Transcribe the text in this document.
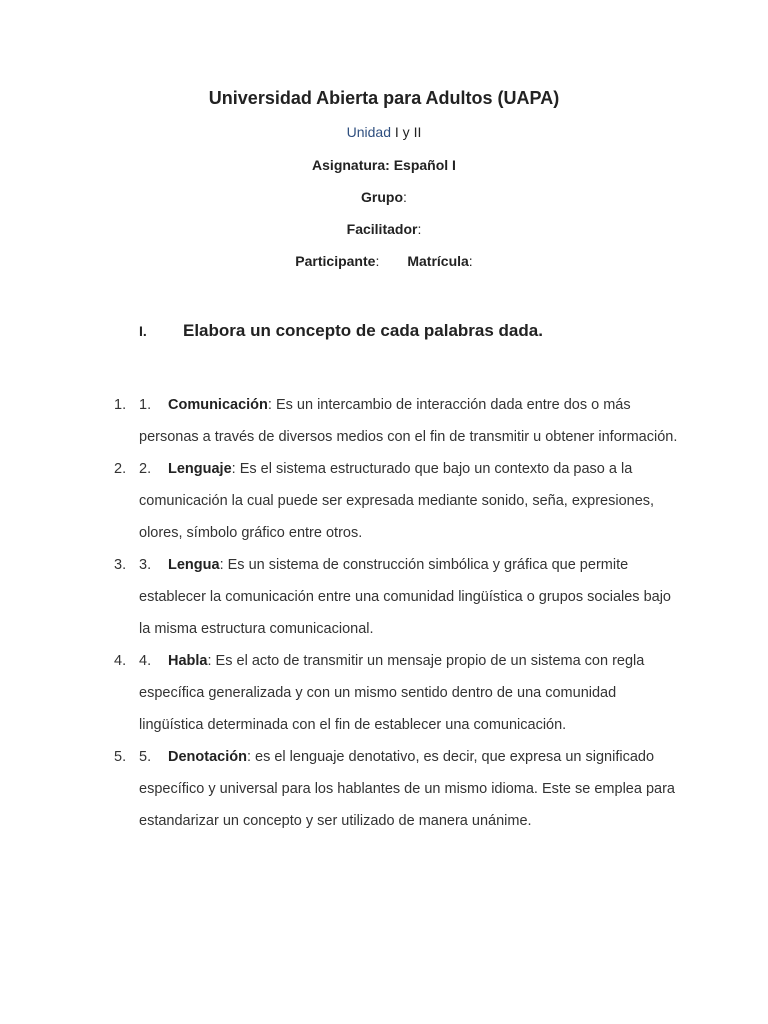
Universidad Abierta para Adultos (UAPA)
Unidad I y II
Asignatura: Español I
Grupo:
Facilitador:
Participante: Matrícula:
I. Elabora un concepto de cada palabras dada.
1. 1. Comunicación: Es un intercambio de interacción dada entre dos o más personas a través de diversos medios con el fin de transmitir u obtener información.
2. 2. Lenguaje: Es el sistema estructurado que bajo un contexto da paso a la comunicación la cual puede ser expresada mediante sonido, seña, expresiones, olores, símbolo gráfico entre otros.
3. 3. Lengua: Es un sistema de construcción simbólica y gráfica que permite establecer la comunicación entre una comunidad lingüística o grupos sociales bajo la misma estructura comunicacional.
4. 4. Habla: Es el acto de transmitir un mensaje propio de un sistema con regla específica generalizada y con un mismo sentido dentro de una comunidad lingüística determinada con el fin de establecer una comunicación.
5. 5. Denotación: es el lenguaje denotativo, es decir, que expresa un significado específico y universal para los hablantes de un mismo idioma. Este se emplea para estandarizar un concepto y ser utilizado de manera unánime.
